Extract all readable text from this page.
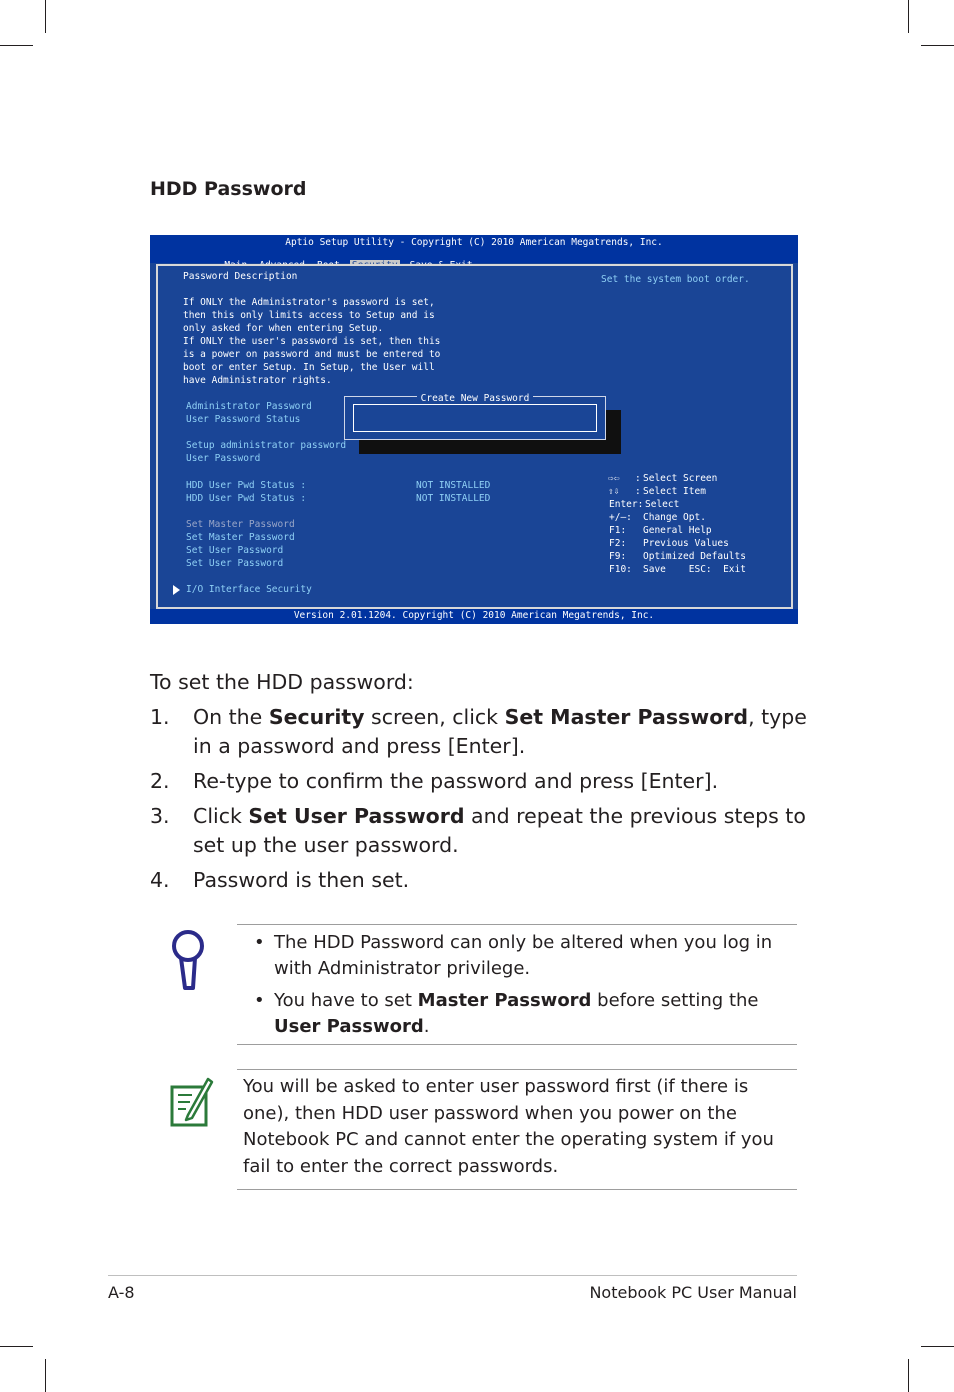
HDD Password
Aptio Setup Utility - Copyright (C) 2010 American Megatrends, Inc.

Password Description
If ONLY the Administrator's password is set,
then this only limits access to Setup and is
only asked for when entering Setup.
If ONLY the user's password is set, then this
is a power on password and must be entered to
boot or enter Setup. In Setup, the User will
have Administrator rights.
Administrator Password
User Password Status
Setup administrator password
User Password
HDD User Pwd Status :
HDD User Pwd Status :
NOT INSTALLED
NOT INSTALLED
Set Master Password
Set Master Password
Set User Password
Set User Password
I/O Interface Security
Set the system boot order.
⇨⇦ : Select Screen
⇧⇩ : Select Item
Enter: Select
+/—: Change Opt.
F1: General Help
F2: Previous Values
F9: Optimized Defaults
F10: Save    ESC:  Exit
Create New Password
Version 2.01.1204. Copyright (C) 2010 American Megatrends, Inc.

To set the HDD password:

1. On the Security screen, click Set Master Password, type in a password and press [Enter].
2. Re-type to confirm the password and press [Enter].
3. Click Set User Password and repeat the previous steps to set up the user password.
4. Password is then set.
• The HDD Password can only be altered when you log in with Administrator privilege.
• You have to set Master Password before setting the User Password.
You will be asked to enter user password first (if there is one), then HDD user password when you power on the Notebook PC and cannot enter the operating system if you fail to enter the correct passwords.
A-8	Notebook PC User Manual
